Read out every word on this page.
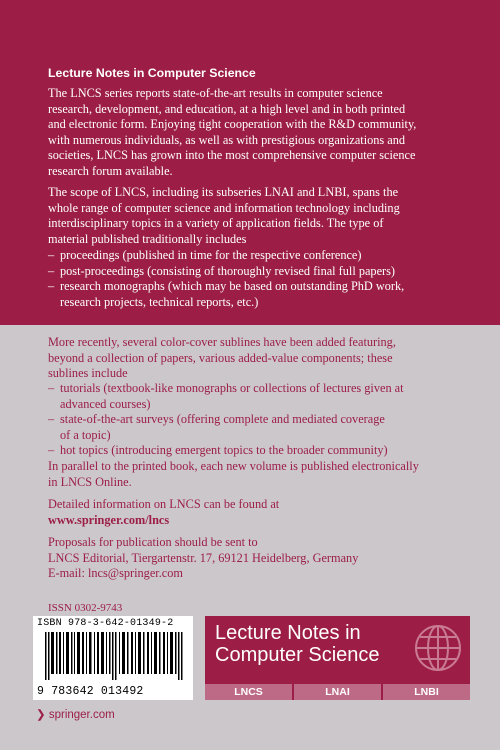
Lecture Notes in Computer Science
The LNCS series reports state-of-the-art results in computer science
research, development, and education, at a high level and in both printed
and electronic form. Enjoying tight cooperation with the R&D community,
with numerous individuals, as well as with prestigious organizations and
societies, LNCS has grown into the most comprehensive computer science
research forum available.
The scope of LNCS, including its subseries LNAI and LNBI, spans the
whole range of computer science and information technology including
interdisciplinary topics in a variety of application fields. The type of
material published traditionally includes
– proceedings (published in time for the respective conference)
– post-proceedings (consisting of thoroughly revised final full papers)
– research monographs (which may be based on outstanding PhD work,
research projects, technical reports, etc.)
More recently, several color-cover sublines have been added featuring,
beyond a collection of papers, various added-value components; these
sublines include
– tutorials (textbook-like monographs or collections of lectures given at
advanced courses)
– state-of-the-art surveys (offering complete and mediated coverage
of a topic)
– hot topics (introducing emergent topics to the broader community)
In parallel to the printed book, each new volume is published electronically
in LNCS Online.
Detailed information on LNCS can be found at
www.springer.com/lncs
Proposals for publication should be sent to
LNCS Editorial, Tiergartenstr. 17, 69121 Heidelberg, Germany
E-mail: lncs@springer.com
ISSN 0302-9743
ISBN 978-3-642-01349-2
9 783642 013492
Lecture Notes in
Computer Science
LNCS	LNAI	LNBI
❯ springer.com
